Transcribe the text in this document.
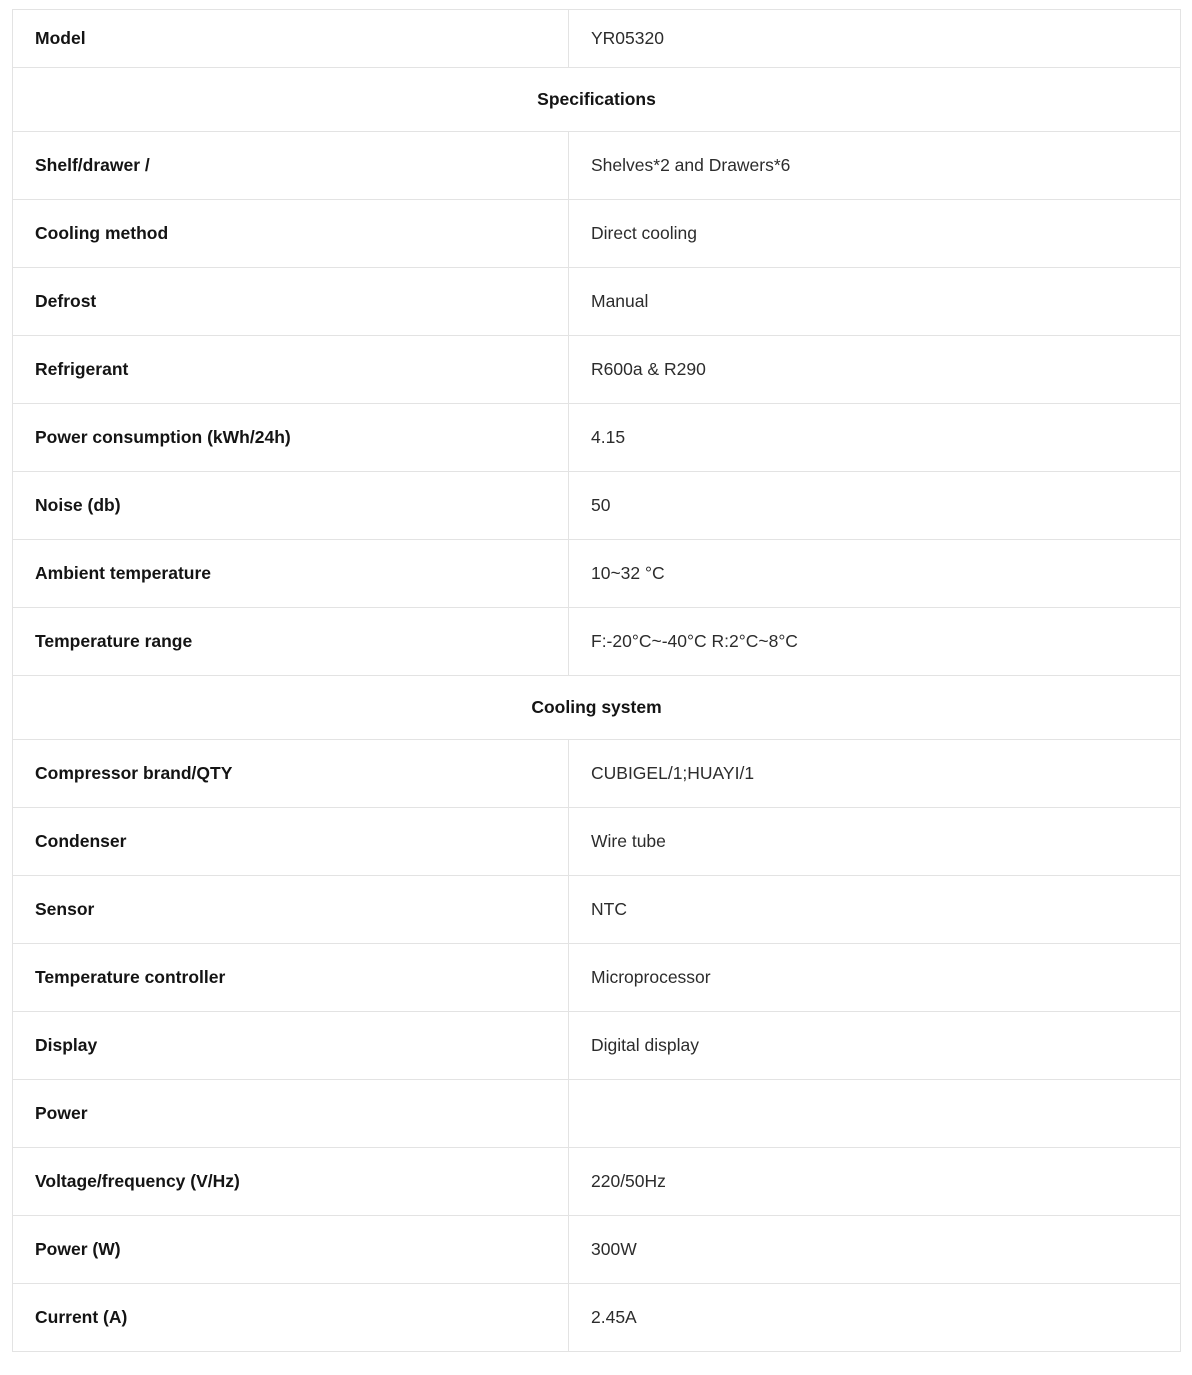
Model	YR05320
Specifications	
Shelf/drawer /	Shelves*2 and Drawers*6
Cooling method	Direct cooling
Defrost	Manual
Refrigerant	R600a & R290
Power consumption (kWh/24h)	4.15
Noise (db)	50
Ambient temperature	10~32 °C
Temperature range	F:-20°C~-40°C R:2°C~8°C
Cooling system	
Compressor brand/QTY	CUBIGEL/1;HUAYI/1
Condenser	Wire tube
Sensor	NTC
Temperature controller	Microprocessor
Display	Digital display
Power	
Voltage/frequency (V/Hz)	220/50Hz
Power (W)	300W
Current (A)	2.45A
